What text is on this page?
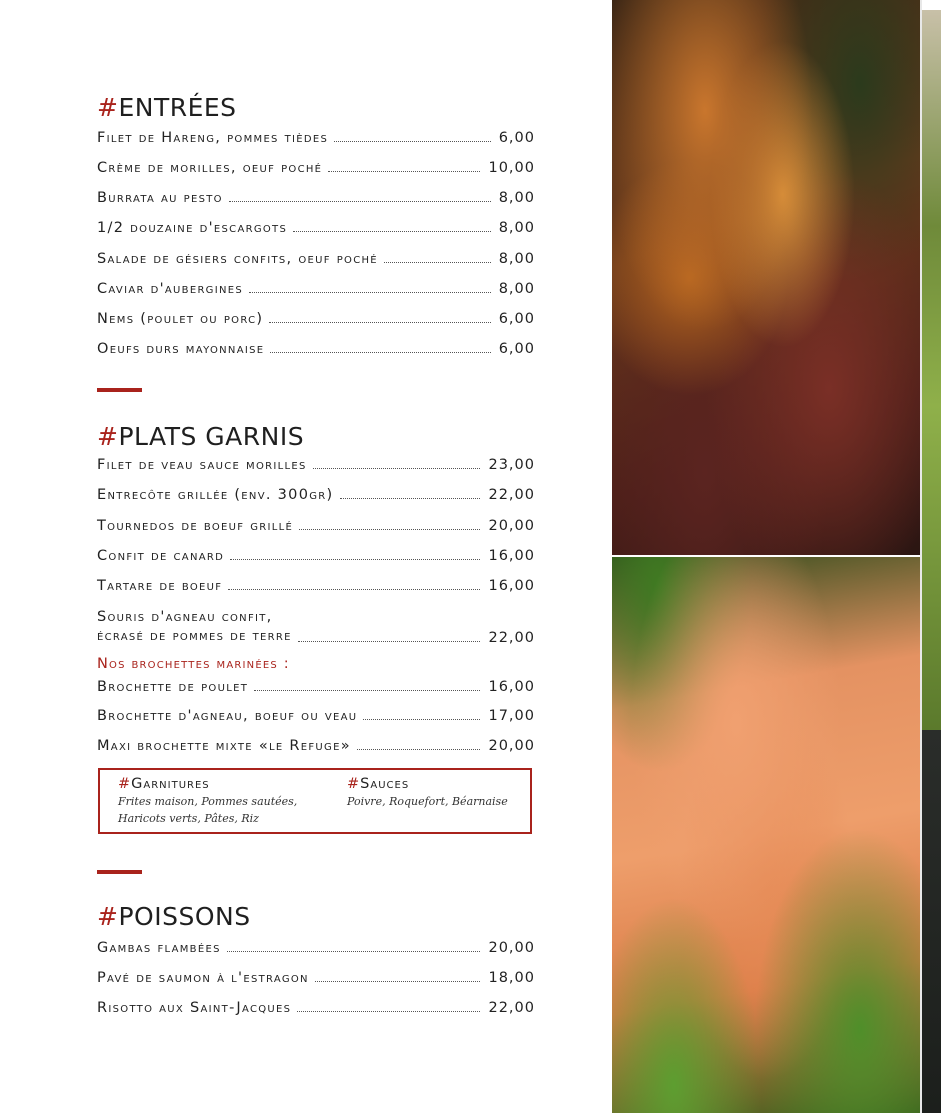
#ENTRÉES
Filet de Hareng, pommes tièdes	6,00
Crème de morilles, oeuf poché	10,00
Burrata au pesto	8,00
1/2 douzaine d'escargots	8,00
Salade de gésiers confits, oeuf poché	8,00
Caviar d'aubergines	8,00
Nems (poulet ou porc)	6,00
Oeufs durs mayonnaise	6,00
#PLATS GARNIS
Filet de veau sauce morilles	23,00
Entrecôte grillée (env. 300gr)	22,00
Tournedos de boeuf grillé	20,00
Confit de canard	16,00
Tartare de boeuf	16,00
Souris d'agneau confit,
écrasé de pommes de terre	22,00
Nos brochettes marinées :
Brochette de poulet	16,00
Brochette d'agneau, boeuf ou veau	17,00
Maxi brochette mixte «le Refuge»	20,00
#Garnitures
Frites maison, Pommes sautées,
Haricots verts, Pâtes, Riz
#Sauces
Poivre, Roquefort, Béarnaise
#POISSONS
Gambas flambées	20,00
Pavé de saumon à l'estragon	18,00
Risotto aux Saint-Jacques	22,00
